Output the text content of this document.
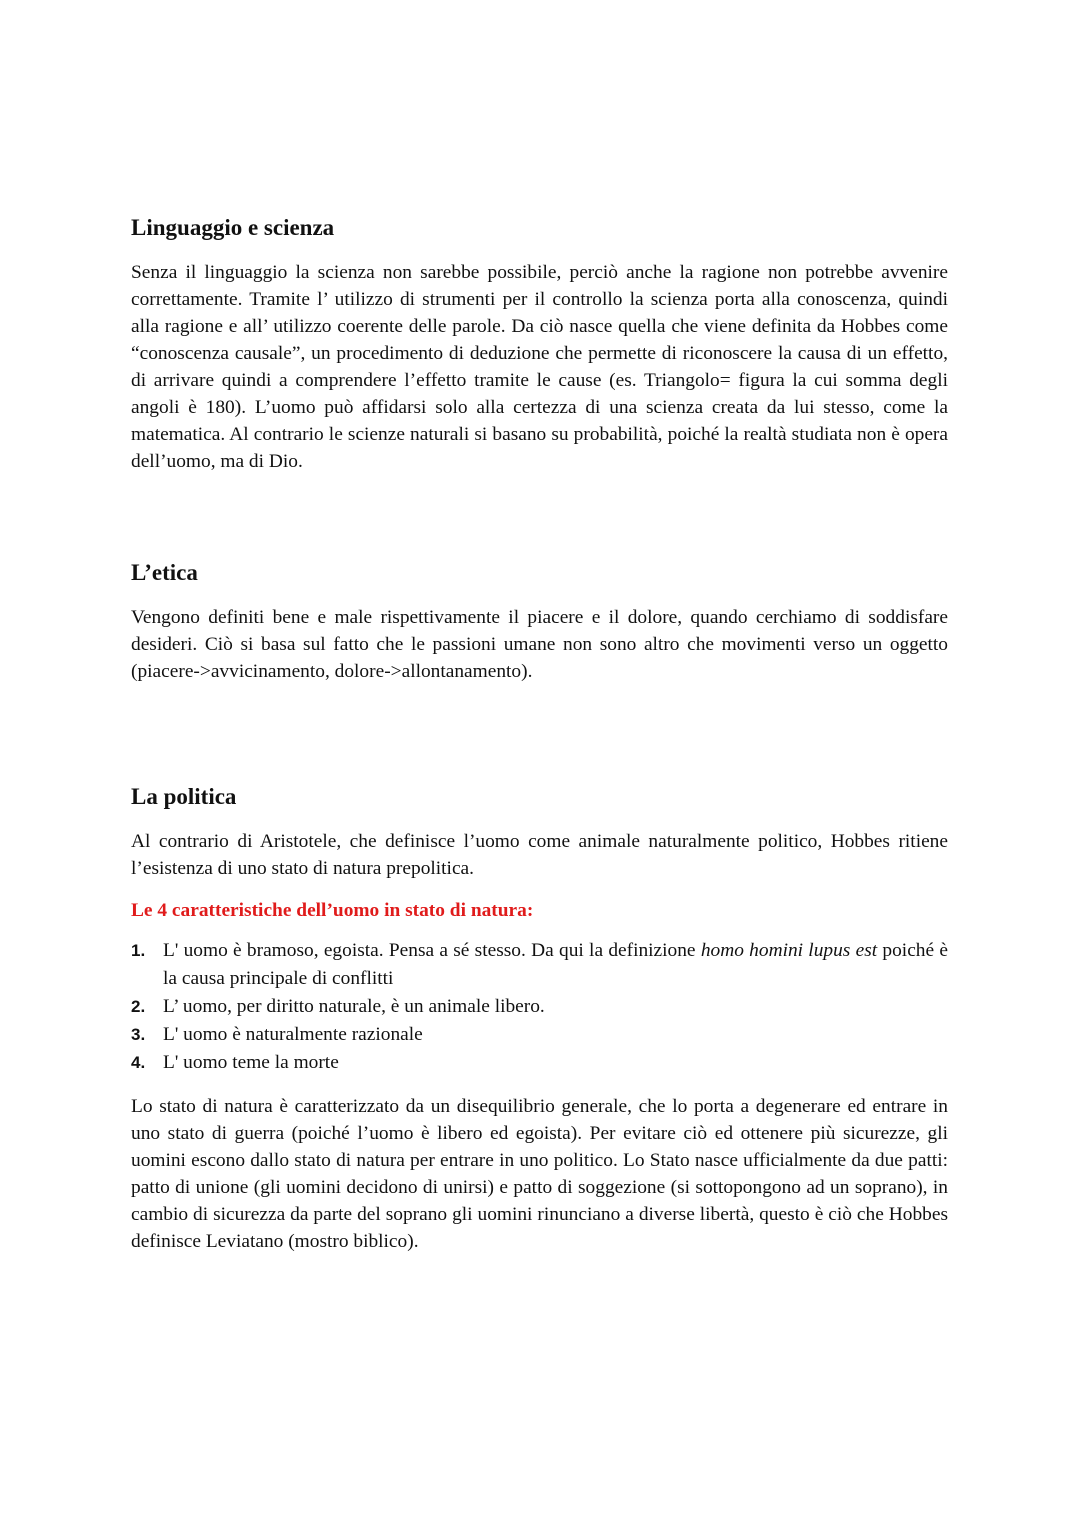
Linguaggio e scienza

Senza il linguaggio la scienza non sarebbe possibile, perciò anche la ragione non potrebbe avvenire correttamente. Tramite l’ utilizzo di strumenti per il controllo la scienza porta alla conoscenza, quindi alla ragione e all’ utilizzo coerente delle parole. Da ciò nasce quella che viene definita da Hobbes come “conoscenza causale”, un procedimento di deduzione che permette di riconoscere la causa di un effetto, di arrivare quindi a comprendere l’effetto tramite le cause (es. Triangolo= figura la cui somma degli angoli è 180). L’uomo può affidarsi solo alla certezza di una scienza creata da lui stesso, come la matematica. Al contrario le scienze naturali si basano su probabilità, poiché la realtà studiata non è opera dell’uomo, ma di Dio.

L’etica

Vengono definiti bene e male rispettivamente il piacere e il dolore, quando cerchiamo di soddisfare desideri. Ciò si basa sul fatto che le passioni umane non sono altro che movimenti verso un oggetto (piacere->avvicinamento, dolore->allontanamento).

La politica

Al contrario di Aristotele, che definisce l’uomo come animale naturalmente politico, Hobbes ritiene l’esistenza di uno stato di natura prepolitica.

Le 4 caratteristiche dell’uomo in stato di natura:

1. L' uomo è bramoso, egoista. Pensa a sé stesso. Da qui la definizione homo homini lupus est poiché è la causa principale di conflitti
2. L’ uomo, per diritto naturale, è un animale libero.
3. L' uomo è naturalmente razionale
4. L' uomo teme la morte

Lo stato di natura è caratterizzato da un disequilibrio generale, che lo porta a degenerare ed entrare in uno stato di guerra (poiché l’uomo è libero ed egoista). Per evitare ciò ed ottenere più sicurezze, gli uomini escono dallo stato di natura per entrare in uno politico. Lo Stato nasce ufficialmente da due patti: patto di unione (gli uomini decidono di unirsi) e patto di soggezione (si sottopongono ad un soprano), in cambio di sicurezza da parte del soprano gli uomini rinunciano a diverse libertà, questo è ciò che Hobbes definisce Leviatano (mostro biblico).
